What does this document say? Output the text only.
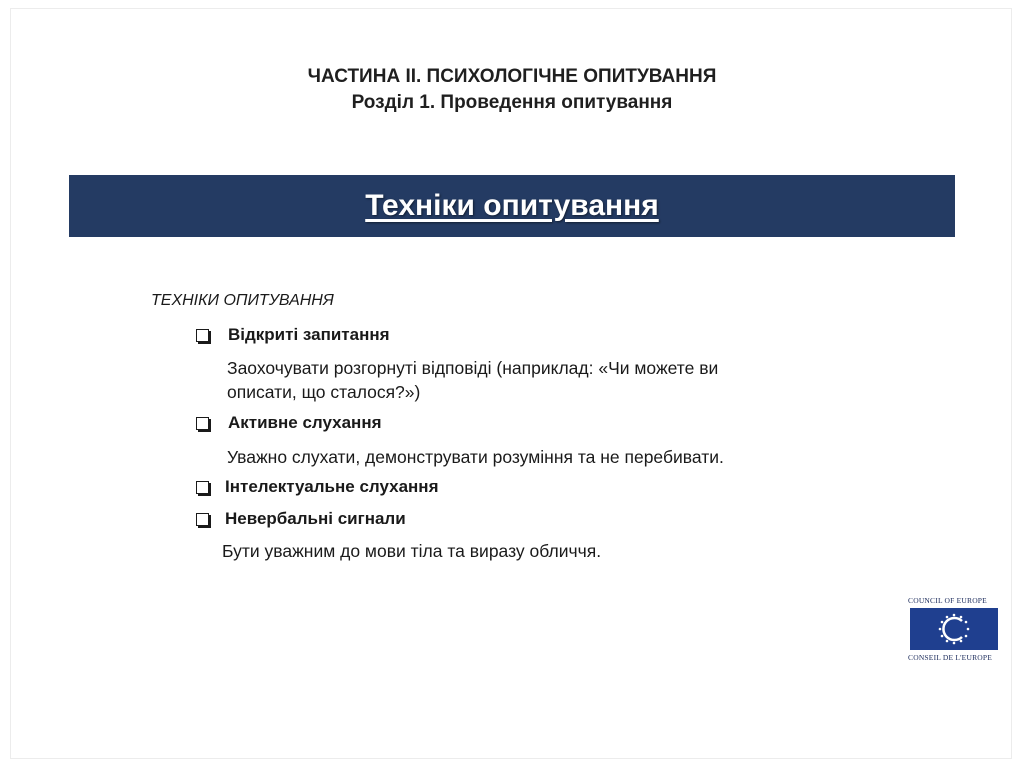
ЧАСТИНА ІІ. ПСИХОЛОГІЧНЕ ОПИТУВАННЯ
Розділ 1. Проведення опитування
Техніки опитування
ТЕХНІКИ ОПИТУВАННЯ
Відкриті запитання
Заохочувати розгорнуті відповіді (наприклад: «Чи можете ви
описати, що сталося?»)
Активне слухання
Уважно слухати, демонструвати розуміння та не перебивати.
Інтелектуальне слухання
Невербальні сигнали
Бути уважним до мови тіла та виразу обличчя.
COUNCIL OF EUROPE
CONSEIL DE L'EUROPE
